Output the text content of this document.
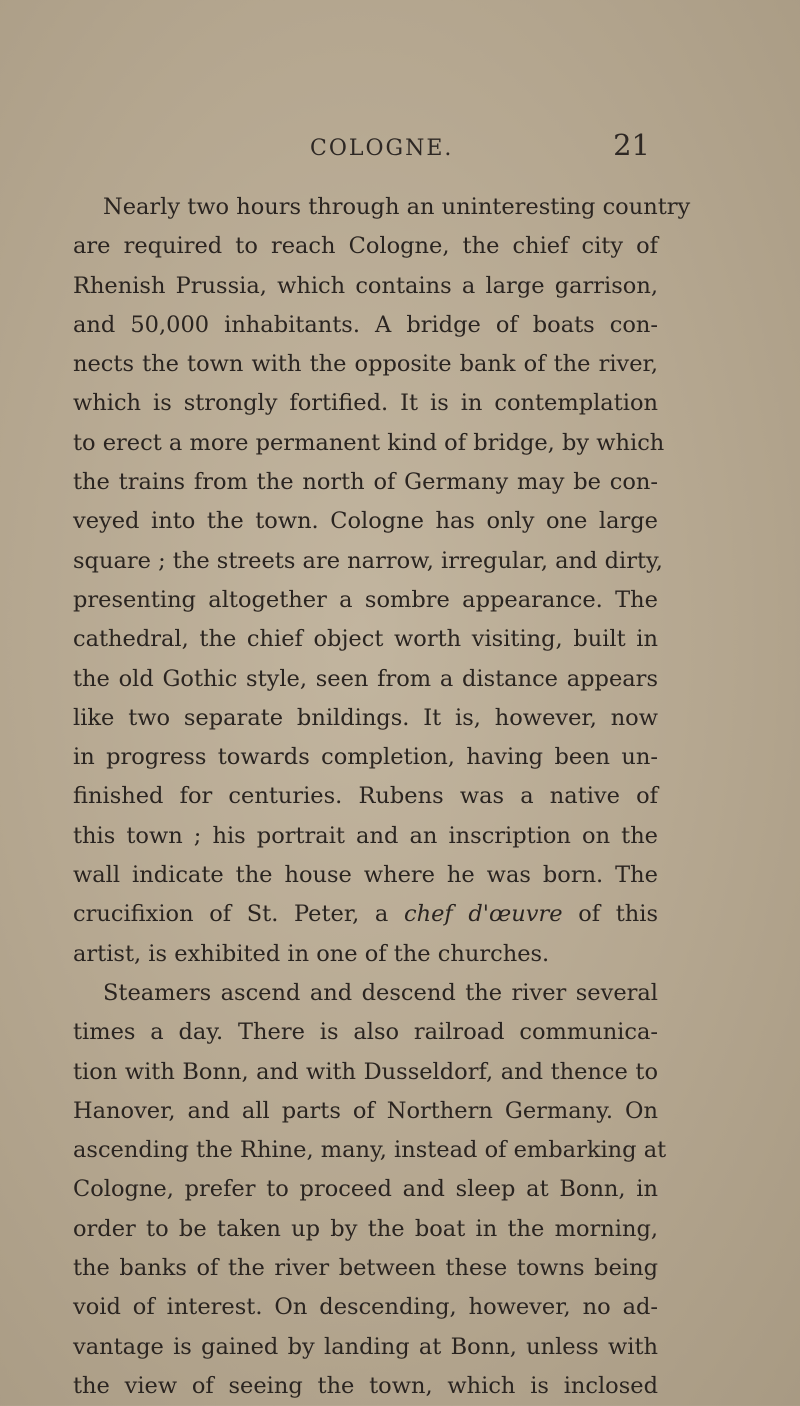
COLOGNE.	21
Nearly two hours through an uninteresting country
are required to reach Cologne, the chief city of
Rhenish Prussia, which contains a large garrison,
and 50,000 inhabitants. A bridge of boats con-
nects the town with the opposite bank of the river,
which is strongly fortified. It is in contemplation
to erect a more permanent kind of bridge, by which
the trains from the north of Germany may be con-
veyed into the town. Cologne has only one large
square ; the streets are narrow, irregular, and dirty,
presenting altogether a sombre appearance. The
cathedral, the chief object worth visiting, built in
the old Gothic style, seen from a distance appears
like two separate bnildings. It is, however, now
in progress towards completion, having been un-
finished for centuries. Rubens was a native of
this town ; his portrait and an inscription on the
wall indicate the house where he was born. The
crucifixion of St. Peter, a chef d'œuvre of this
artist, is exhibited in one of the churches.
Steamers ascend and descend the river several
times a day. There is also railroad communica-
tion with Bonn, and with Dusseldorf, and thence to
Hanover, and all parts of Northern Germany. On
ascending the Rhine, many, instead of embarking at
Cologne, prefer to proceed and sleep at Bonn, in
order to be taken up by the boat in the morning,
the banks of the river between these towns being
void of interest. On descending, however, no ad-
vantage is gained by landing at Bonn, unless with
the view of seeing the town, which is inclosed
